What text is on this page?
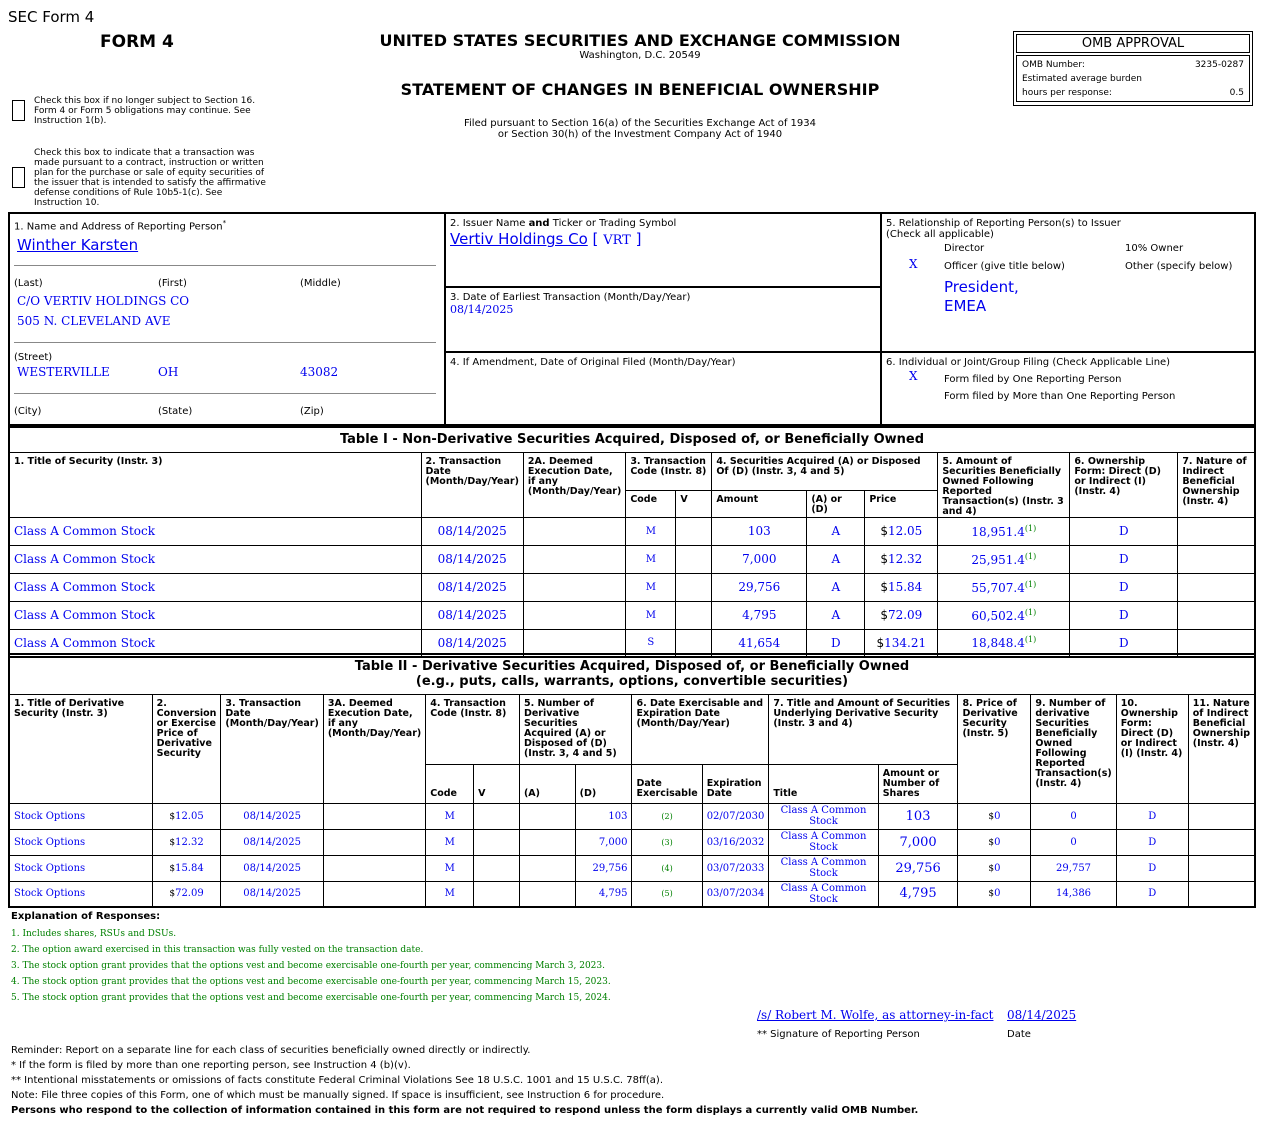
SEC Form 4
FORM 4
Check this box if no longer subject to Section 16. Form 4 or Form 5 obligations may continue. See Instruction 1(b).
Check this box to indicate that a transaction was made pursuant to a contract, instruction or written plan for the purchase or sale of equity securities of the issuer that is intended to satisfy the affirmative defense conditions of Rule 10b5-1(c). See Instruction 10.
UNITED STATES SECURITIES AND EXCHANGE COMMISSION
Washington, D.C. 20549
STATEMENT OF CHANGES IN BENEFICIAL OWNERSHIP
Filed pursuant to Section 16(a) of the Securities Exchange Act of 1934
or Section 30(h) of the Investment Company Act of 1940
OMB APPROVAL
OMB Number:	3235-0287
Estimated average burden
hours per response:	0.5
1. Name and Address of Reporting Person*
Winther Karsten
(Last)	(First)	(Middle)
C/O VERTIV HOLDINGS CO
505 N. CLEVELAND AVE
(Street)
WESTERVILLE	OH	43082
(City)	(State)	(Zip)
2. Issuer Name and Ticker or Trading Symbol
Vertiv Holdings Co [ VRT ]
3. Date of Earliest Transaction (Month/Day/Year)
08/14/2025
4. If Amendment, Date of Original Filed (Month/Day/Year)
5. Relationship of Reporting Person(s) to Issuer
(Check all applicable)
Director	10% Owner
X	Officer (give title below)	Other (specify below)
President,
EMEA
6. Individual or Joint/Group Filing (Check Applicable Line)
X	Form filed by One Reporting Person
Form filed by More than One Reporting Person
Table I - Non-Derivative Securities Acquired, Disposed of, or Beneficially Owned										
1. Title of Security (Instr. 3)	2. Transaction Date (Month/Day/Year)	2A. Deemed Execution Date, if any (Month/Day/Year)	3. Transaction Code (Instr. 8)		4. Securities Acquired (A) or Disposed Of (D) (Instr. 3, 4 and 5)			5. Amount of Securities Beneficially Owned Following Reported Transaction(s) (Instr. 3 and 4)	6. Ownership Form: Direct (D) or Indirect (I) (Instr. 4)	7. Nature of Indirect Beneficial Ownership (Instr. 4)
			Code	V	Amount	(A) or (D)	Price			
Class A Common Stock	08/14/2025		M		103	A	$12.05	18,951.4$^{(1)}$	D	
Class A Common Stock	08/14/2025		M		7,000	A	$12.32	25,951.4$^{(1)}$	D	
Class A Common Stock	08/14/2025		M		29,756	A	$15.84	55,707.4$^{(1)}$	D	
Class A Common Stock	08/14/2025		M		4,795	A	$72.09	60,502.4$^{(1)}$	D	
Class A Common Stock	08/14/2025		S		41,654	D	$134.21	18,848.4$^{(1)}$	D	
Table II - Derivative Securities Acquired, Disposed of, or Beneficially Owned
(e.g., puts, calls, warrants, options, convertible securities)															

1. Title of Derivative Security (Instr. 3)	2. Conversion or Exercise Price of Derivative Security	3. Transaction Date (Month/Day/Year)	3A. Deemed Execution Date, if any (Month/Day/Year)	4. Transaction Code (Instr. 8)		5. Number of Derivative Securities Acquired (A) or Disposed of (D) (Instr. 3, 4 and 5)		6. Date Exercisable and Expiration Date (Month/Day/Year)		7. Title and Amount of Securities Underlying Derivative Security (Instr. 3 and 4)		8. Price of Derivative Security (Instr. 5)	9. Number of derivative Securities Beneficially Owned Following Reported Transaction(s) (Instr. 4)	10. Ownership Form: Direct (D) or Indirect (I) (Instr. 4)	11. Nature of Indirect Beneficial Ownership (Instr. 4)
				Code	V	(A)	(D)	Date Exercisable	Expiration Date	Title	Amount or Number of Shares				
Stock Options	$12.05	08/14/2025		M			103	(2)	02/07/2030	Class A Common Stock	103	$0	0	D	
Stock Options	$12.32	08/14/2025		M			7,000	(3)	03/16/2032	Class A Common Stock	7,000	$0	0	D	
Stock Options	$15.84	08/14/2025		M			29,756	(4)	03/07/2033	Class A Common Stock	29,756	$0	29,757	D	
Stock Options	$72.09	08/14/2025		M			4,795	(5)	03/07/2034	Class A Common Stock	4,795	$0	14,386	D	
Explanation of Responses:
1. Includes shares, RSUs and DSUs.
2. The option award exercised in this transaction was fully vested on the transaction date.
3. The stock option grant provides that the options vest and become exercisable one-fourth per year, commencing March 3, 2023.
4. The stock option grant provides that the options vest and become exercisable one-fourth per year, commencing March 15, 2023.
5. The stock option grant provides that the options vest and become exercisable one-fourth per year, commencing March 15, 2024.
/s/ Robert M. Wolfe, as attorney-in-fact 08/14/2025
** Signature of Reporting Person	Date
Reminder: Report on a separate line for each class of securities beneficially owned directly or indirectly.
* If the form is filed by more than one reporting person, see Instruction 4 (b)(v).
** Intentional misstatements or omissions of facts constitute Federal Criminal Violations See 18 U.S.C. 1001 and 15 U.S.C. 78ff(a).
Note: File three copies of this Form, one of which must be manually signed. If space is insufficient, see Instruction 6 for procedure.
Persons who respond to the collection of information contained in this form are not required to respond unless the form displays a currently valid OMB Number.
